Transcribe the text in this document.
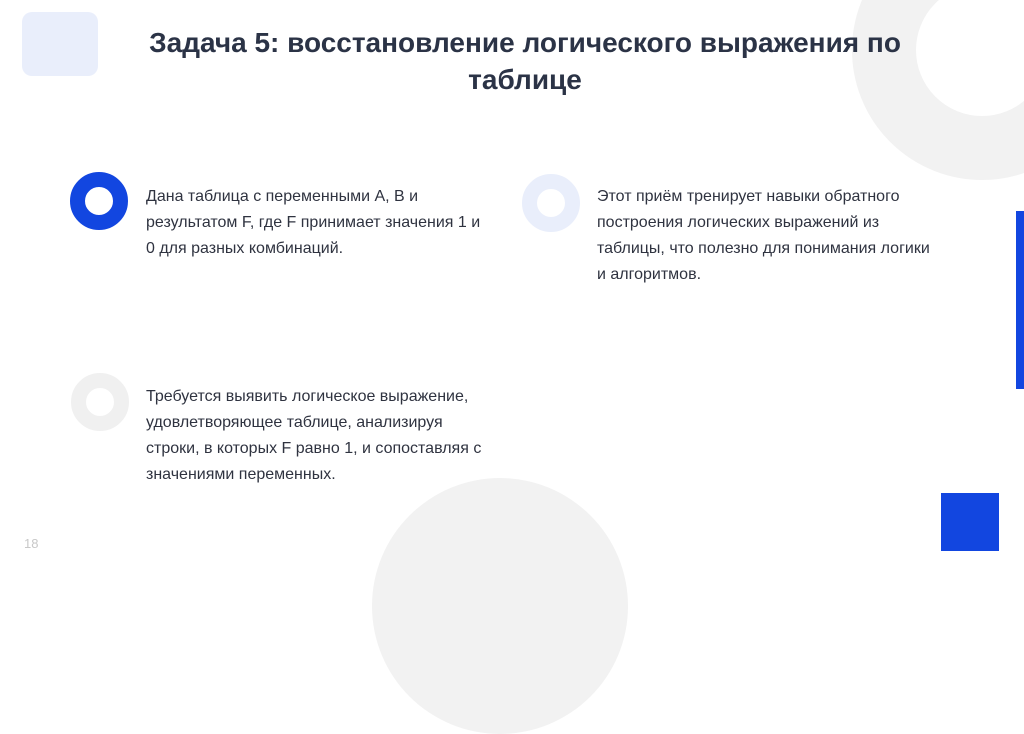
Задача 5: восстановление логического выражения по таблице

Дана таблица с переменными A, B и результатом F, где F принимает значения 1 и 0 для разных комбинаций.

Этот приём тренирует навыки обратного построения логических выражений из таблицы, что полезно для понимания логики и алгоритмов.

Требуется выявить логическое выражение, удовлетворяющее таблице, анализируя строки, в которых F равно 1, и сопоставляя с значениями переменных.

18
